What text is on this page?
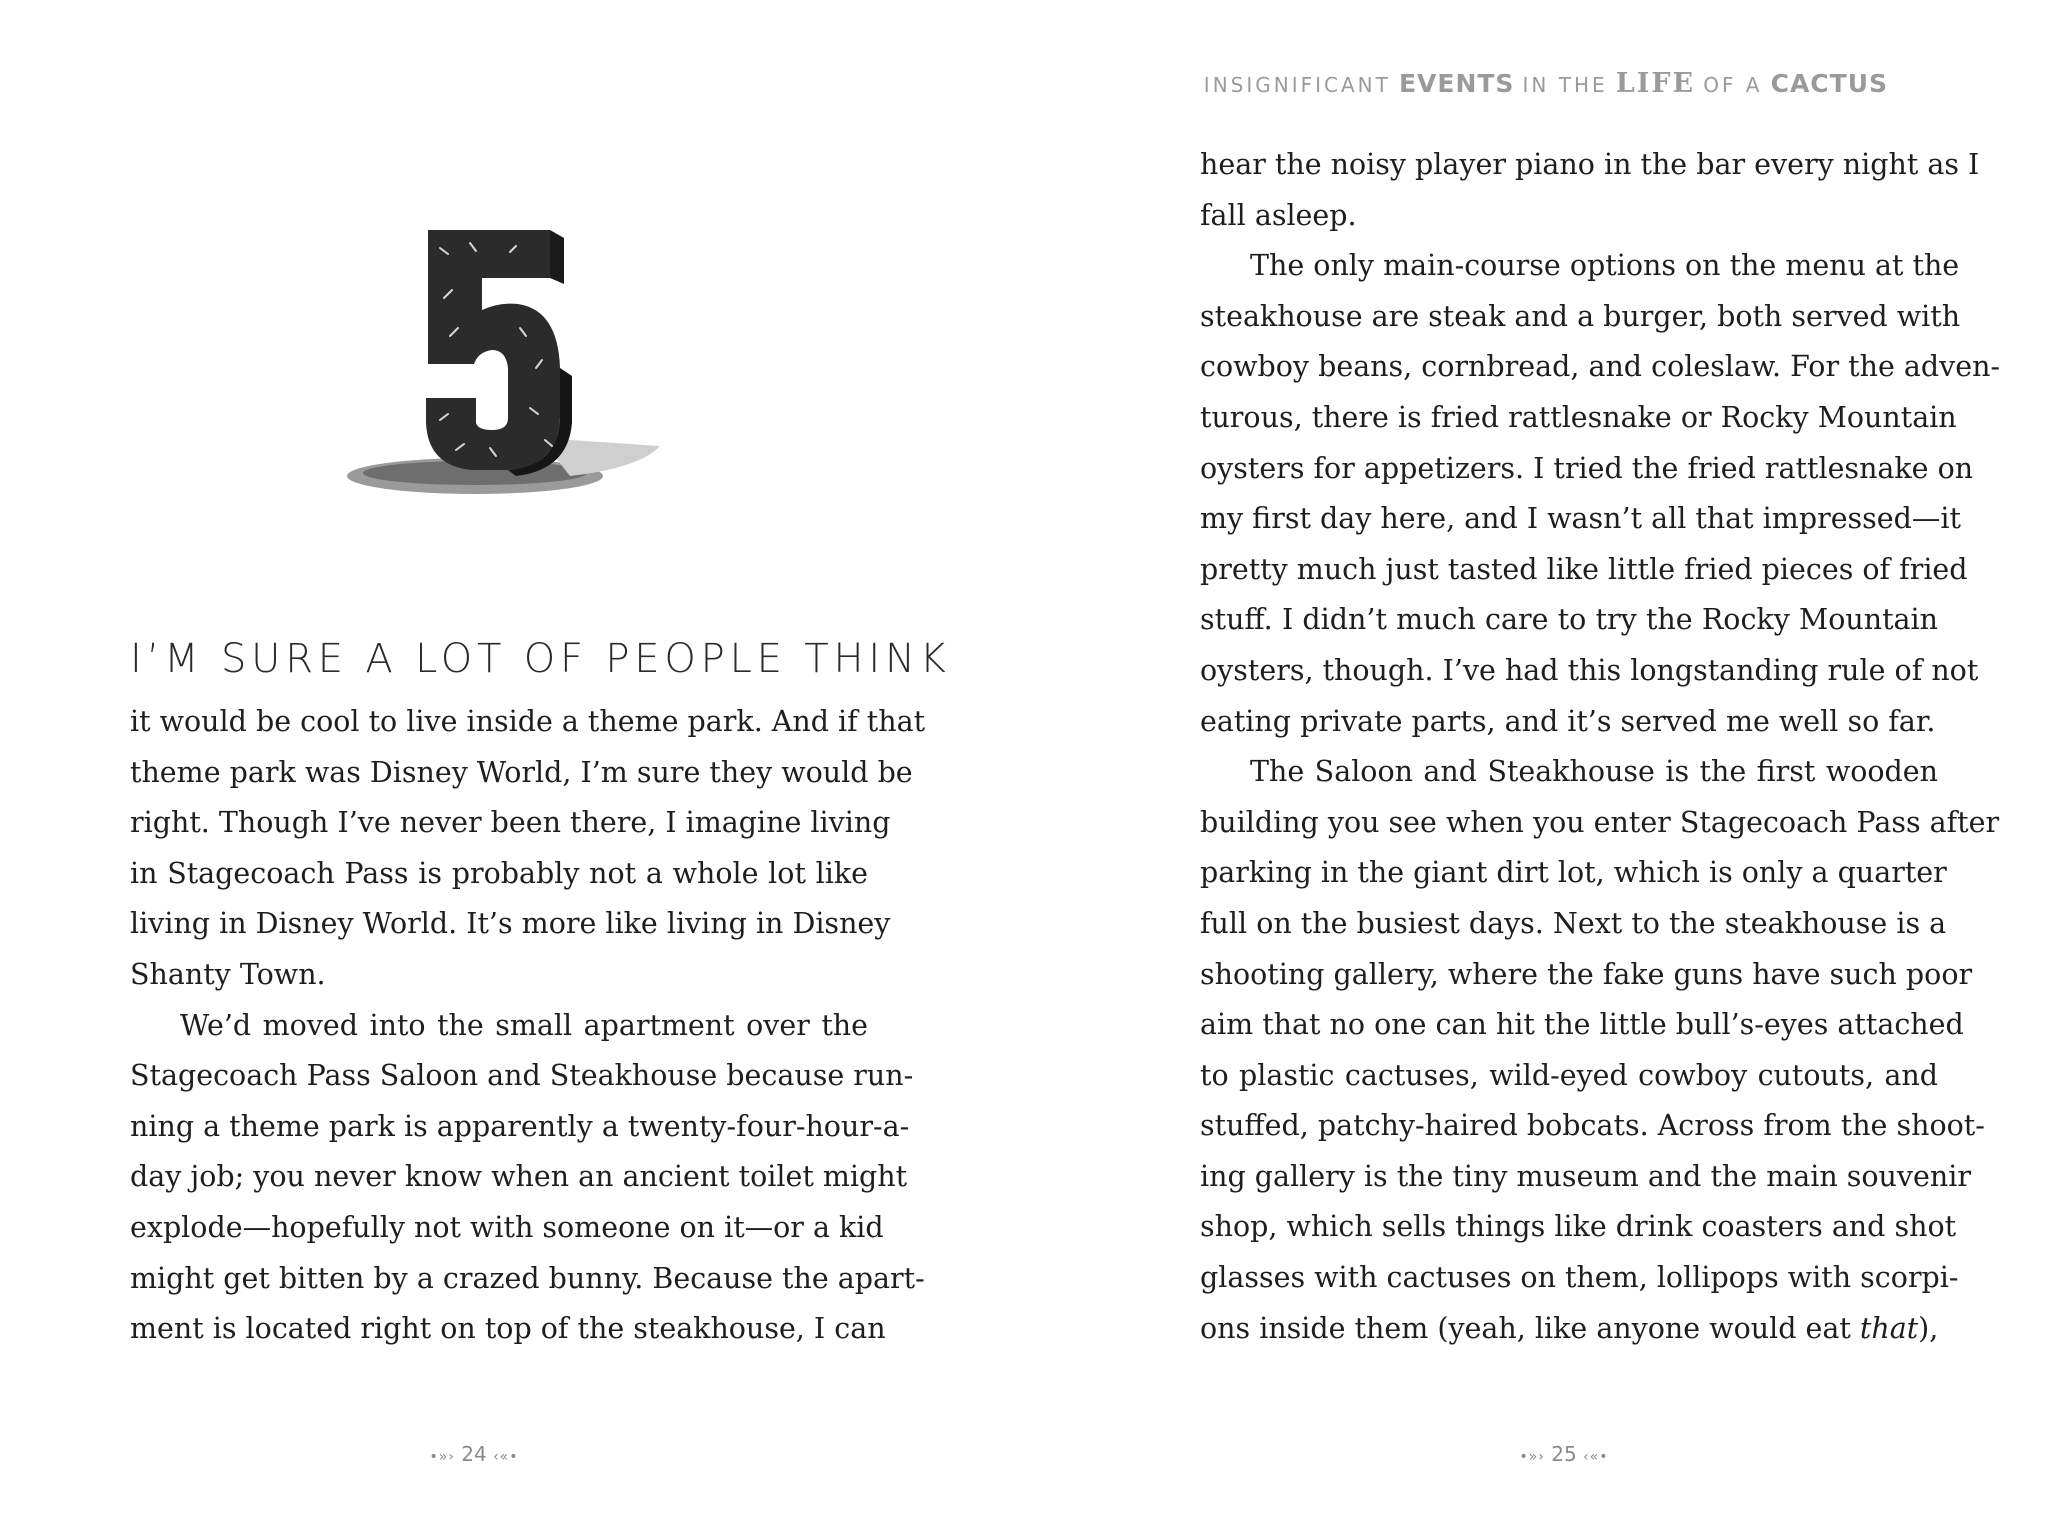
I’M SURE A LOT OF PEOPLE THINK
it would be cool to live inside a theme park. And if that
theme park was Disney World, I’m sure they would be
right. Though I’ve never been there, I imagine living
in Stagecoach Pass is probably not a whole lot like
living in Disney World. It’s more like living in Disney
Shanty Town.
We’d moved into the small apartment over the
Stagecoach Pass Saloon and Steakhouse because run-
ning a theme park is apparently a twenty-four-hour-a-
day job; you never know when an ancient toilet might
explode—hopefully not with someone on it—or a kid
might get bitten by a crazed bunny. Because the apart-
ment is located right on top of the steakhouse, I can
•»› 24 ‹«•
INSIGNIFICANT EVENTS IN THE LIFE OF A CACTUS
hear the noisy player piano in the bar every night as I
fall asleep.
The only main-course options on the menu at the
steakhouse are steak and a burger, both served with
cowboy beans, cornbread, and coleslaw. For the adven-
turous, there is fried rattlesnake or Rocky Mountain
oysters for appetizers. I tried the fried rattlesnake on
my first day here, and I wasn’t all that impressed—it
pretty much just tasted like little fried pieces of fried
stuff. I didn’t much care to try the Rocky Mountain
oysters, though. I’ve had this longstanding rule of not
eating private parts, and it’s served me well so far.
The Saloon and Steakhouse is the first wooden
building you see when you enter Stagecoach Pass after
parking in the giant dirt lot, which is only a quarter
full on the busiest days. Next to the steakhouse is a
shooting gallery, where the fake guns have such poor
aim that no one can hit the little bull’s-eyes attached
to plastic cactuses, wild-eyed cowboy cutouts, and
stuffed, patchy-haired bobcats. Across from the shoot-
ing gallery is the tiny museum and the main souvenir
shop, which sells things like drink coasters and shot
glasses with cactuses on them, lollipops with scorpi-
ons inside them (yeah, like anyone would eat that),
•»› 25 ‹«•
